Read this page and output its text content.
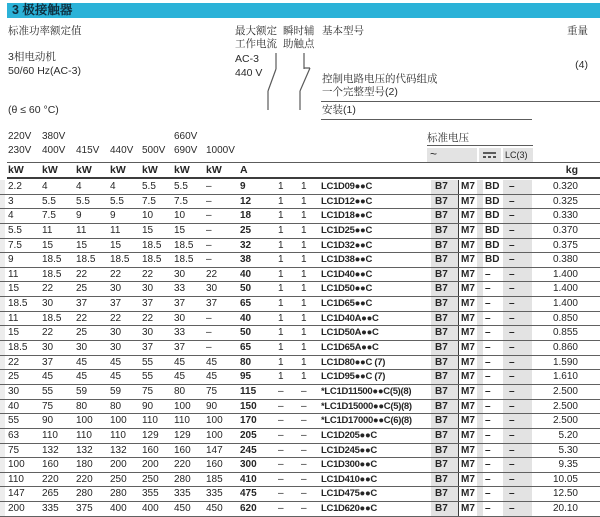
3 极接触器
标准功率额定值
3相电动机
50/60 Hz(AC-3)
(θ ≤ 60 °C)
最大额定
工作电流
AC-3
440 V
瞬时辅
助触点
基本型号	重量
(4)
控制电路电压的代码组成
一个完整型号(2)
安装(1)
220V 380V	660V
230V 400V 415V 440V 500V 690V 1000V
标准电压
~	LC(3)
kW kW kW kW kW kW kW A	kg
2.2 4	4	4	5.5 5.5 –	9	1 1 LC1D09●●C	B7 M7 BD –	0.320
3	5.5 5.5 5.5 7.5 7.5 –	12	1 1 LC1D12●●C	B7 M7 BD –	0.325
4	7.5 9	9	10 10 –	18	1 1 LC1D18●●C	B7 M7 BD –	0.330
5.5 11 11 11 15 15 –	25	1 1 LC1D25●●C	B7 M7 BD –	0.370
7.5 15 15 15 18.5 18.5 –	32	1 1 LC1D32●●C	B7 M7 BD –	0.375
9	18.5 18.5 18.5 18.5 18.5 –	38	1 1 LC1D38●●C	B7 M7 BD –	0.380
11 18.5 22 22 22 30 22 40	1 1 LC1D40●●C	B7 M7 – –	1.400
15 22 25 30 30 33 30 50	1 1 LC1D50●●C	B7 M7 – –	1.400
18.5 30 37 37 37 37 37 65	1 1 LC1D65●●C	B7 M7 – –	1.400
11 18.5 22 22 22 30 –	40	1 1 LC1D40A●●C	B7 M7 – –	0.850
15 22 25 30 30 33 –	50	1 1 LC1D50A●●C	B7 M7 – –	0.855
18.5 30 30 30 37 37 –	65	1 1 LC1D65A●●C	B7 M7 – –	0.860
22 37 45 45 55 45 45 80	1 1 LC1D80●●C (7)	B7 M7 – –	1.590
25 45 45 45 55 45 45 95	1 1 LC1D95●●C (7)	B7 M7 – –	1.610
30 55 59 59 75 80 75 115 – – *LC1D11500●●C(5)(8) B7 M7 – –	2.500
40 75 80 80 90 100 90 150 – – *LC1D15000●●C(5)(8) B7 M7 – –	2.500
55 90 100 100 110 110 100 170 – – *LC1D17000●●C(6)(8) B7 M7 – –	2.500
63 110 110 110 129 129 100 205 – – LC1D205●●C	B7 M7 – –	5.20
75 132 132 132 160 160 147 245 – – LC1D245●●C	B7 M7 – –	5.30
100 160 180 200 200 220 160 300 – – LC1D300●●C	B7 M7 – –	9.35
110 220 220 250 250 280 185 410 – – LC1D410●●C	B7 M7 – –	10.05
147 265 280 280 355 335 335 475 – – LC1D475●●C	B7 M7 – –	12.50
200 335 375 400 400 450 450 620 – – LC1D620●●C	B7 M7 – –	20.10
